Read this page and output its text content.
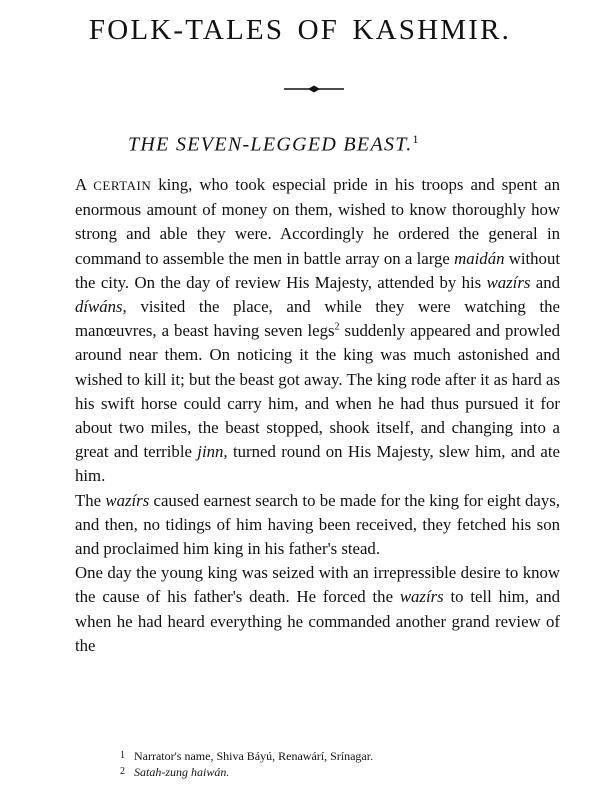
FOLK-TALES OF KASHMIR.
THE SEVEN-LEGGED BEAST.$^1$

A CERTAIN king, who took especial pride in his troops and spent an enormous amount of money on them, wished to know thoroughly how strong and able they were. Accordingly he ordered the general in command to assemble the men in battle array on a large maidán without the city. On the day of review His Majesty, attended by his wazírs and díwáns, visited the place, and while they were watching the manœuvres, a beast having seven legs$^2$ suddenly appeared and prowled around near them. On noticing it the king was much astonished and wished to kill it; but the beast got away. The king rode after it as hard as his swift horse could carry him, and when he had thus pursued it for about two miles, the beast stopped, shook itself, and changing into a great and terrible jinn, turned round on His Majesty, slew him, and ate him.

The wazírs caused earnest search to be made for the king for eight days, and then, no tidings of him having been received, they fetched his son and proclaimed him king in his father's stead.

One day the young king was seized with an irrepressible desire to know the cause of his father's death. He forced the wazírs to tell him, and when he had heard everything he commanded another grand review of the

1 Narrator's name, Shiva Báyú, Renawárí, Srínagar.
2 Satah-zung haiwán.
